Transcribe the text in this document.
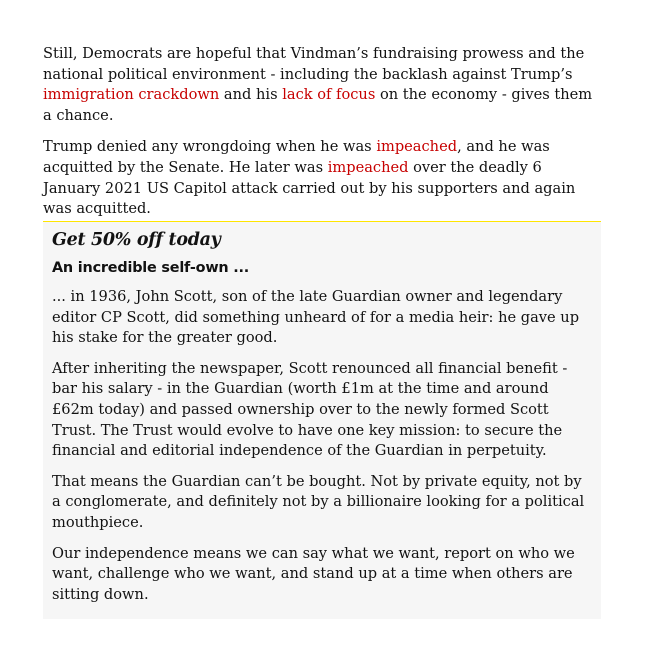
Still, Democrats are hopeful that Vindman’s fundraising prowess and the national political environment - including the backlash against Trump’s immigration crackdown and his lack of focus on the economy - gives them a chance.

Trump denied any wrongdoing when he was impeached, and he was acquitted by the Senate. He later was impeached over the deadly 6 January 2021 US Capitol attack carried out by his supporters and again was acquitted.

Get 50% off today
An incredible self-own ...

... in 1936, John Scott, son of the late Guardian owner and legendary editor CP Scott, did something unheard of for a media heir: he gave up his stake for the greater good.

After inheriting the newspaper, Scott renounced all financial benefit - bar his salary - in the Guardian (worth £1m at the time and around £62m today) and passed ownership over to the newly formed Scott Trust. The Trust would evolve to have one key mission: to secure the financial and editorial independence of the Guardian in perpetuity.

That means the Guardian can’t be bought. Not by private equity, not by a conglomerate, and definitely not by a billionaire looking for a political mouthpiece.

Our independence means we can say what we want, report on who we want, challenge who we want, and stand up at a time when others are sitting down.
